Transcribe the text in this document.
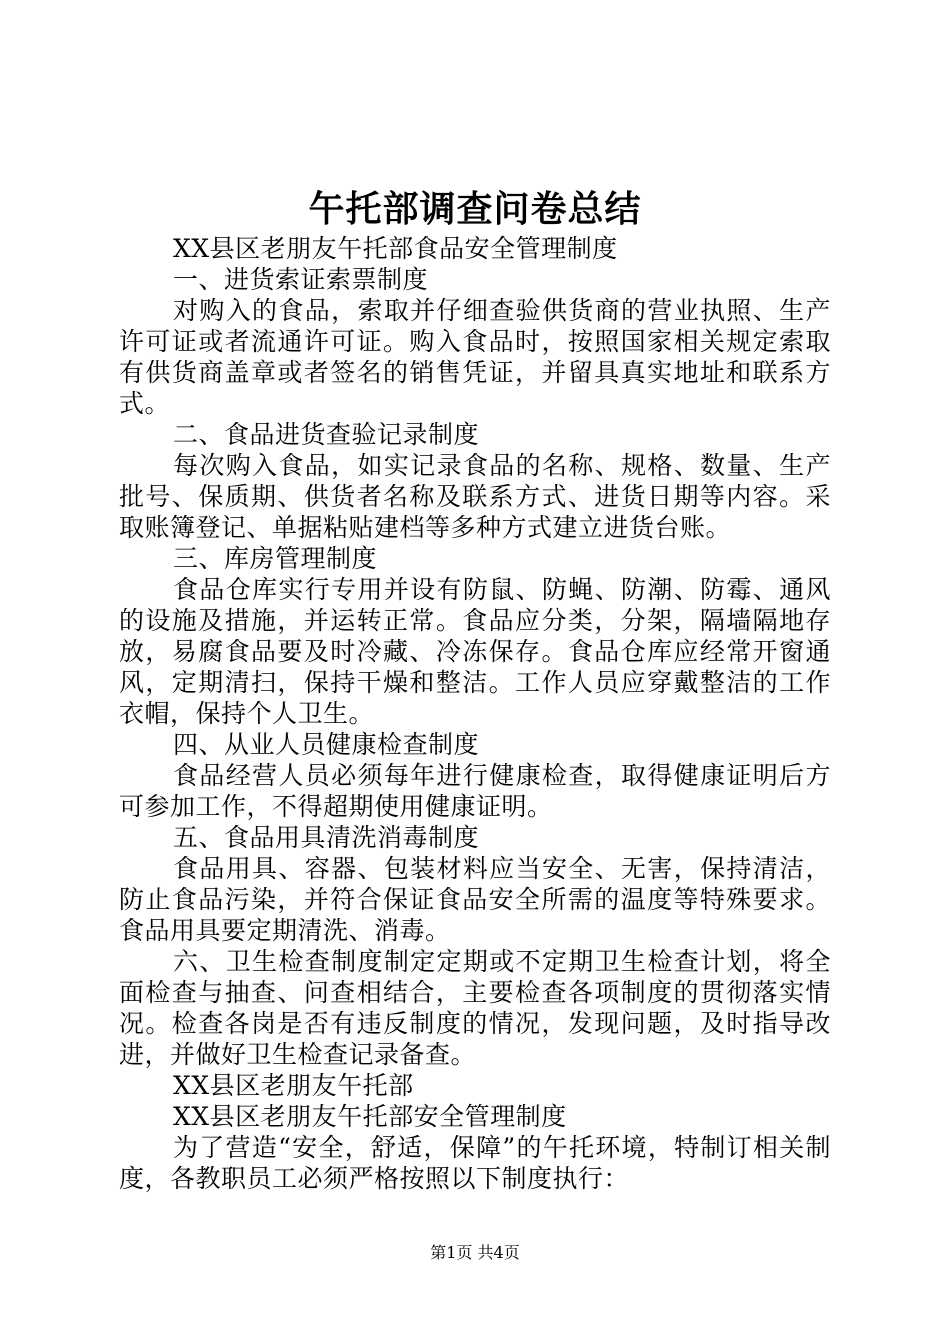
午托部调查问卷总结

XX县区老朋友午托部食品安全管理制度

一、进货索证索票制度

对购入的食品，索取并仔细查验供货商的营业执照、生产许可证或者流通许可证。购入食品时，按照国家相关规定索取有供货商盖章或者签名的销售凭证，并留具真实地址和联系方式。

二、食品进货查验记录制度

每次购入食品，如实记录食品的名称、规格、数量、生产批号、保质期、供货者名称及联系方式、进货日期等内容。采取账簿登记、单据粘贴建档等多种方式建立进货台账。

三、库房管理制度

食品仓库实行专用并设有防鼠、防蝇、防潮、防霉、通风的设施及措施，并运转正常。食品应分类，分架，隔墙隔地存放，易腐食品要及时冷藏、冷冻保存。食品仓库应经常开窗通风，定期清扫，保持干燥和整洁。工作人员应穿戴整洁的工作衣帽，保持个人卫生。

四、从业人员健康检查制度

食品经营人员必须每年进行健康检查，取得健康证明后方可参加工作，不得超期使用健康证明。

五、食品用具清洗消毒制度

食品用具、容器、包装材料应当安全、无害，保持清洁，防止食品污染，并符合保证食品安全所需的温度等特殊要求。食品用具要定期清洗、消毒。

六、卫生检查制度制定定期或不定期卫生检查计划，将全面检查与抽查、问查相结合，主要检查各项制度的贯彻落实情况。检查各岗是否有违反制度的情况，发现问题，及时指导改进，并做好卫生检查记录备查。

XX县区老朋友午托部

XX县区老朋友午托部安全管理制度

为了营造“安全，舒适，保障”的午托环境，特制订相关制度，各教职员工必须严格按照以下制度执行：

第1页 共4页
